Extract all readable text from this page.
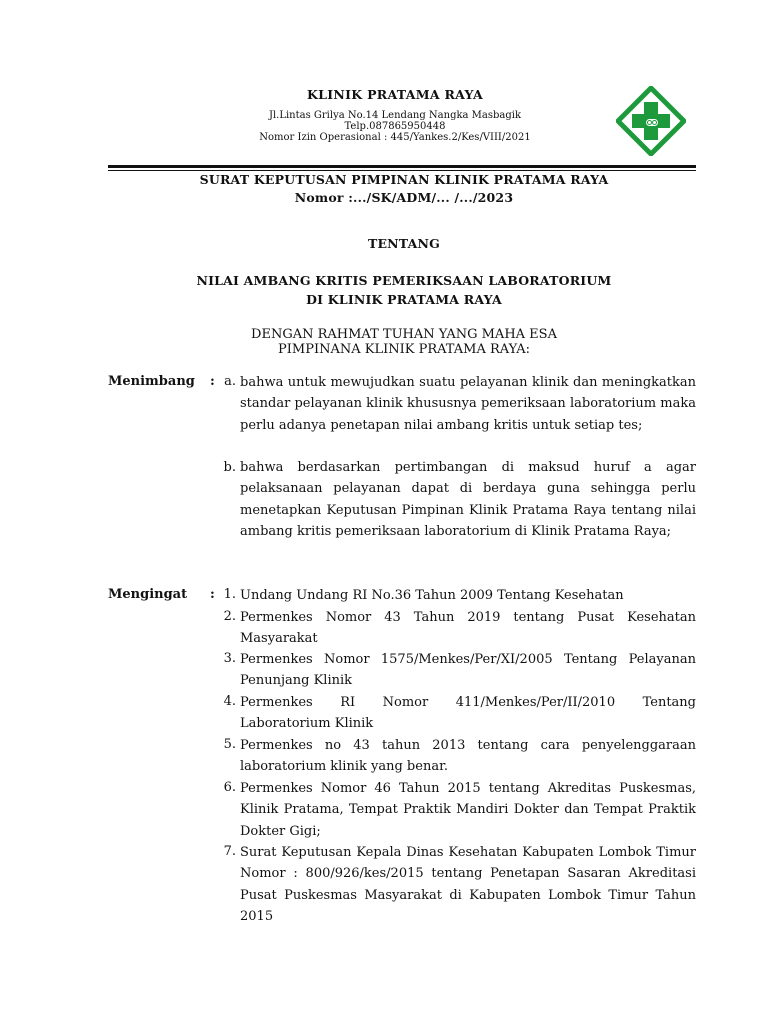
KLINIK PRATAMA RAYA
Jl.Lintas Grilya No.14 Lendang Nangka Masbagik
Telp.087865950448
Nomor Izin Operasional : 445/Yankes.2/Kes/VIII/2021
SURAT KEPUTUSAN PIMPINAN KLINIK PRATAMA RAYA
Nomor :.../SK/ADM/... /.../2023
TENTANG
NILAI AMBANG KRITIS PEMERIKSAAN LABORATORIUM
DI KLINIK PRATAMA RAYA
DENGAN RAHMAT TUHAN YANG MAHA ESA
PIMPINANA KLINIK PRATAMA RAYA:
Menimbang : a. bahwa untuk mewujudkan suatu pelayanan klinik dan meningkatkan standar pelayanan klinik khususnya pemeriksaan laboratorium maka perlu adanya penetapan nilai ambang kritis untuk setiap tes;
b. bahwa berdasarkan pertimbangan di maksud huruf a agar pelaksanaan pelayanan dapat di berdaya guna sehingga perlu menetapkan Keputusan Pimpinan Klinik Pratama Raya tentang nilai ambang kritis pemeriksaan laboratorium di Klinik Pratama Raya;
Mengingat : 1. Undang Undang RI No.36 Tahun 2009 Tentang Kesehatan
2. Permenkes Nomor 43 Tahun 2019 tentang Pusat Kesehatan Masyarakat
3. Permenkes Nomor 1575/Menkes/Per/XI/2005 Tentang Pelayanan Penunjang Klinik
4. Permenkes RI Nomor 411/Menkes/Per/II/2010 Tentang Laboratorium Klinik
5. Permenkes no 43 tahun 2013 tentang cara penyelenggaraan laboratorium klinik yang benar.
6. Permenkes Nomor 46 Tahun 2015 tentang Akreditas Puskesmas, Klinik Pratama, Tempat Praktik Mandiri Dokter dan Tempat Praktik Dokter Gigi;
7. Surat Keputusan Kepala Dinas Kesehatan Kabupaten Lombok Timur Nomor : 800/926/kes/2015 tentang Penetapan Sasaran Akreditasi Pusat Puskesmas Masyarakat di Kabupaten Lombok Timur Tahun 2015
